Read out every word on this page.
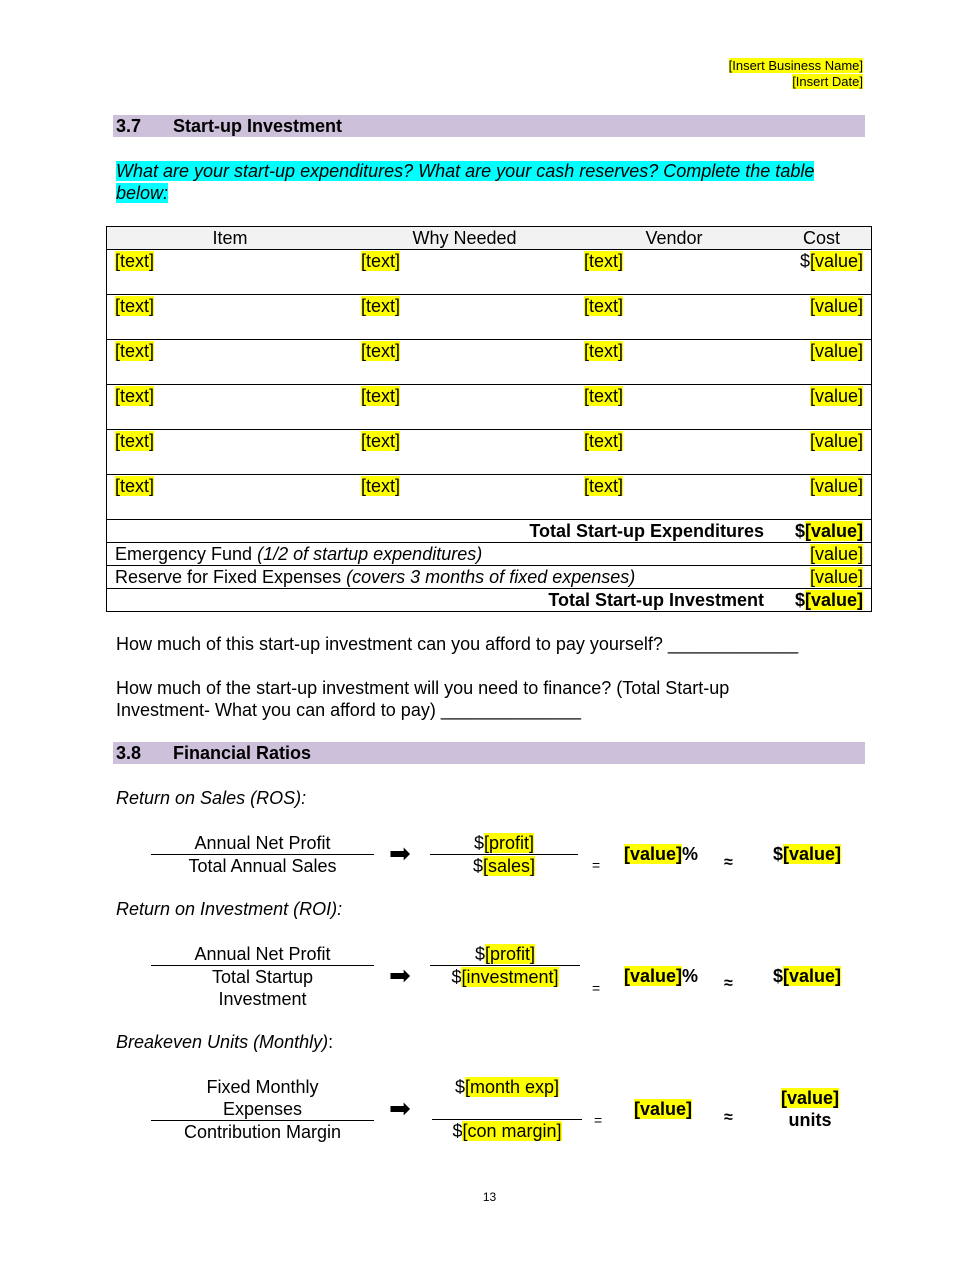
[Insert Business Name]
[Insert Date]
3.7 Start-up Investment
What are your start-up expenditures? What are your cash reserves? Complete the table below:
Item	Why Needed	Vendor	Cost
[text]	[text]	[text]	$[value]
[text]	[text]	[text]	[value]
[text]	[text]	[text]	[value]
[text]	[text]	[text]	[value]
[text]	[text]	[text]	[value]
[text]	[text]	[text]	[value]
Total Start-up Expenditures			$[value]
Emergency Fund (1/2 of startup expenditures)			[value]
Reserve for Fixed Expenses (covers 3 months of fixed expenses)			[value]
Total Start-up Investment			$[value]
How much of this start-up investment can you afford to pay yourself? _____________
How much of the start-up investment will you need to finance? (Total Start-up
Investment- What you can afford to pay) ______________
3.8 Financial Ratios
Return on Sales (ROS):
Annual Net Profit
Total Annual Sales	➡	$[profit]
$[sales]	=
[value]% ≈ $[value]
Return on Investment (ROI):
Annual Net Profit
Total Startup
Investment
➡
$[profit]
$[investment]
=
[value]% ≈ $[value]
Breakeven Units (Monthly):
Fixed Monthly
Expenses
Contribution Margin
➡
$[month exp]
$[con margin]
=
[value] ≈
[value]
units
13
